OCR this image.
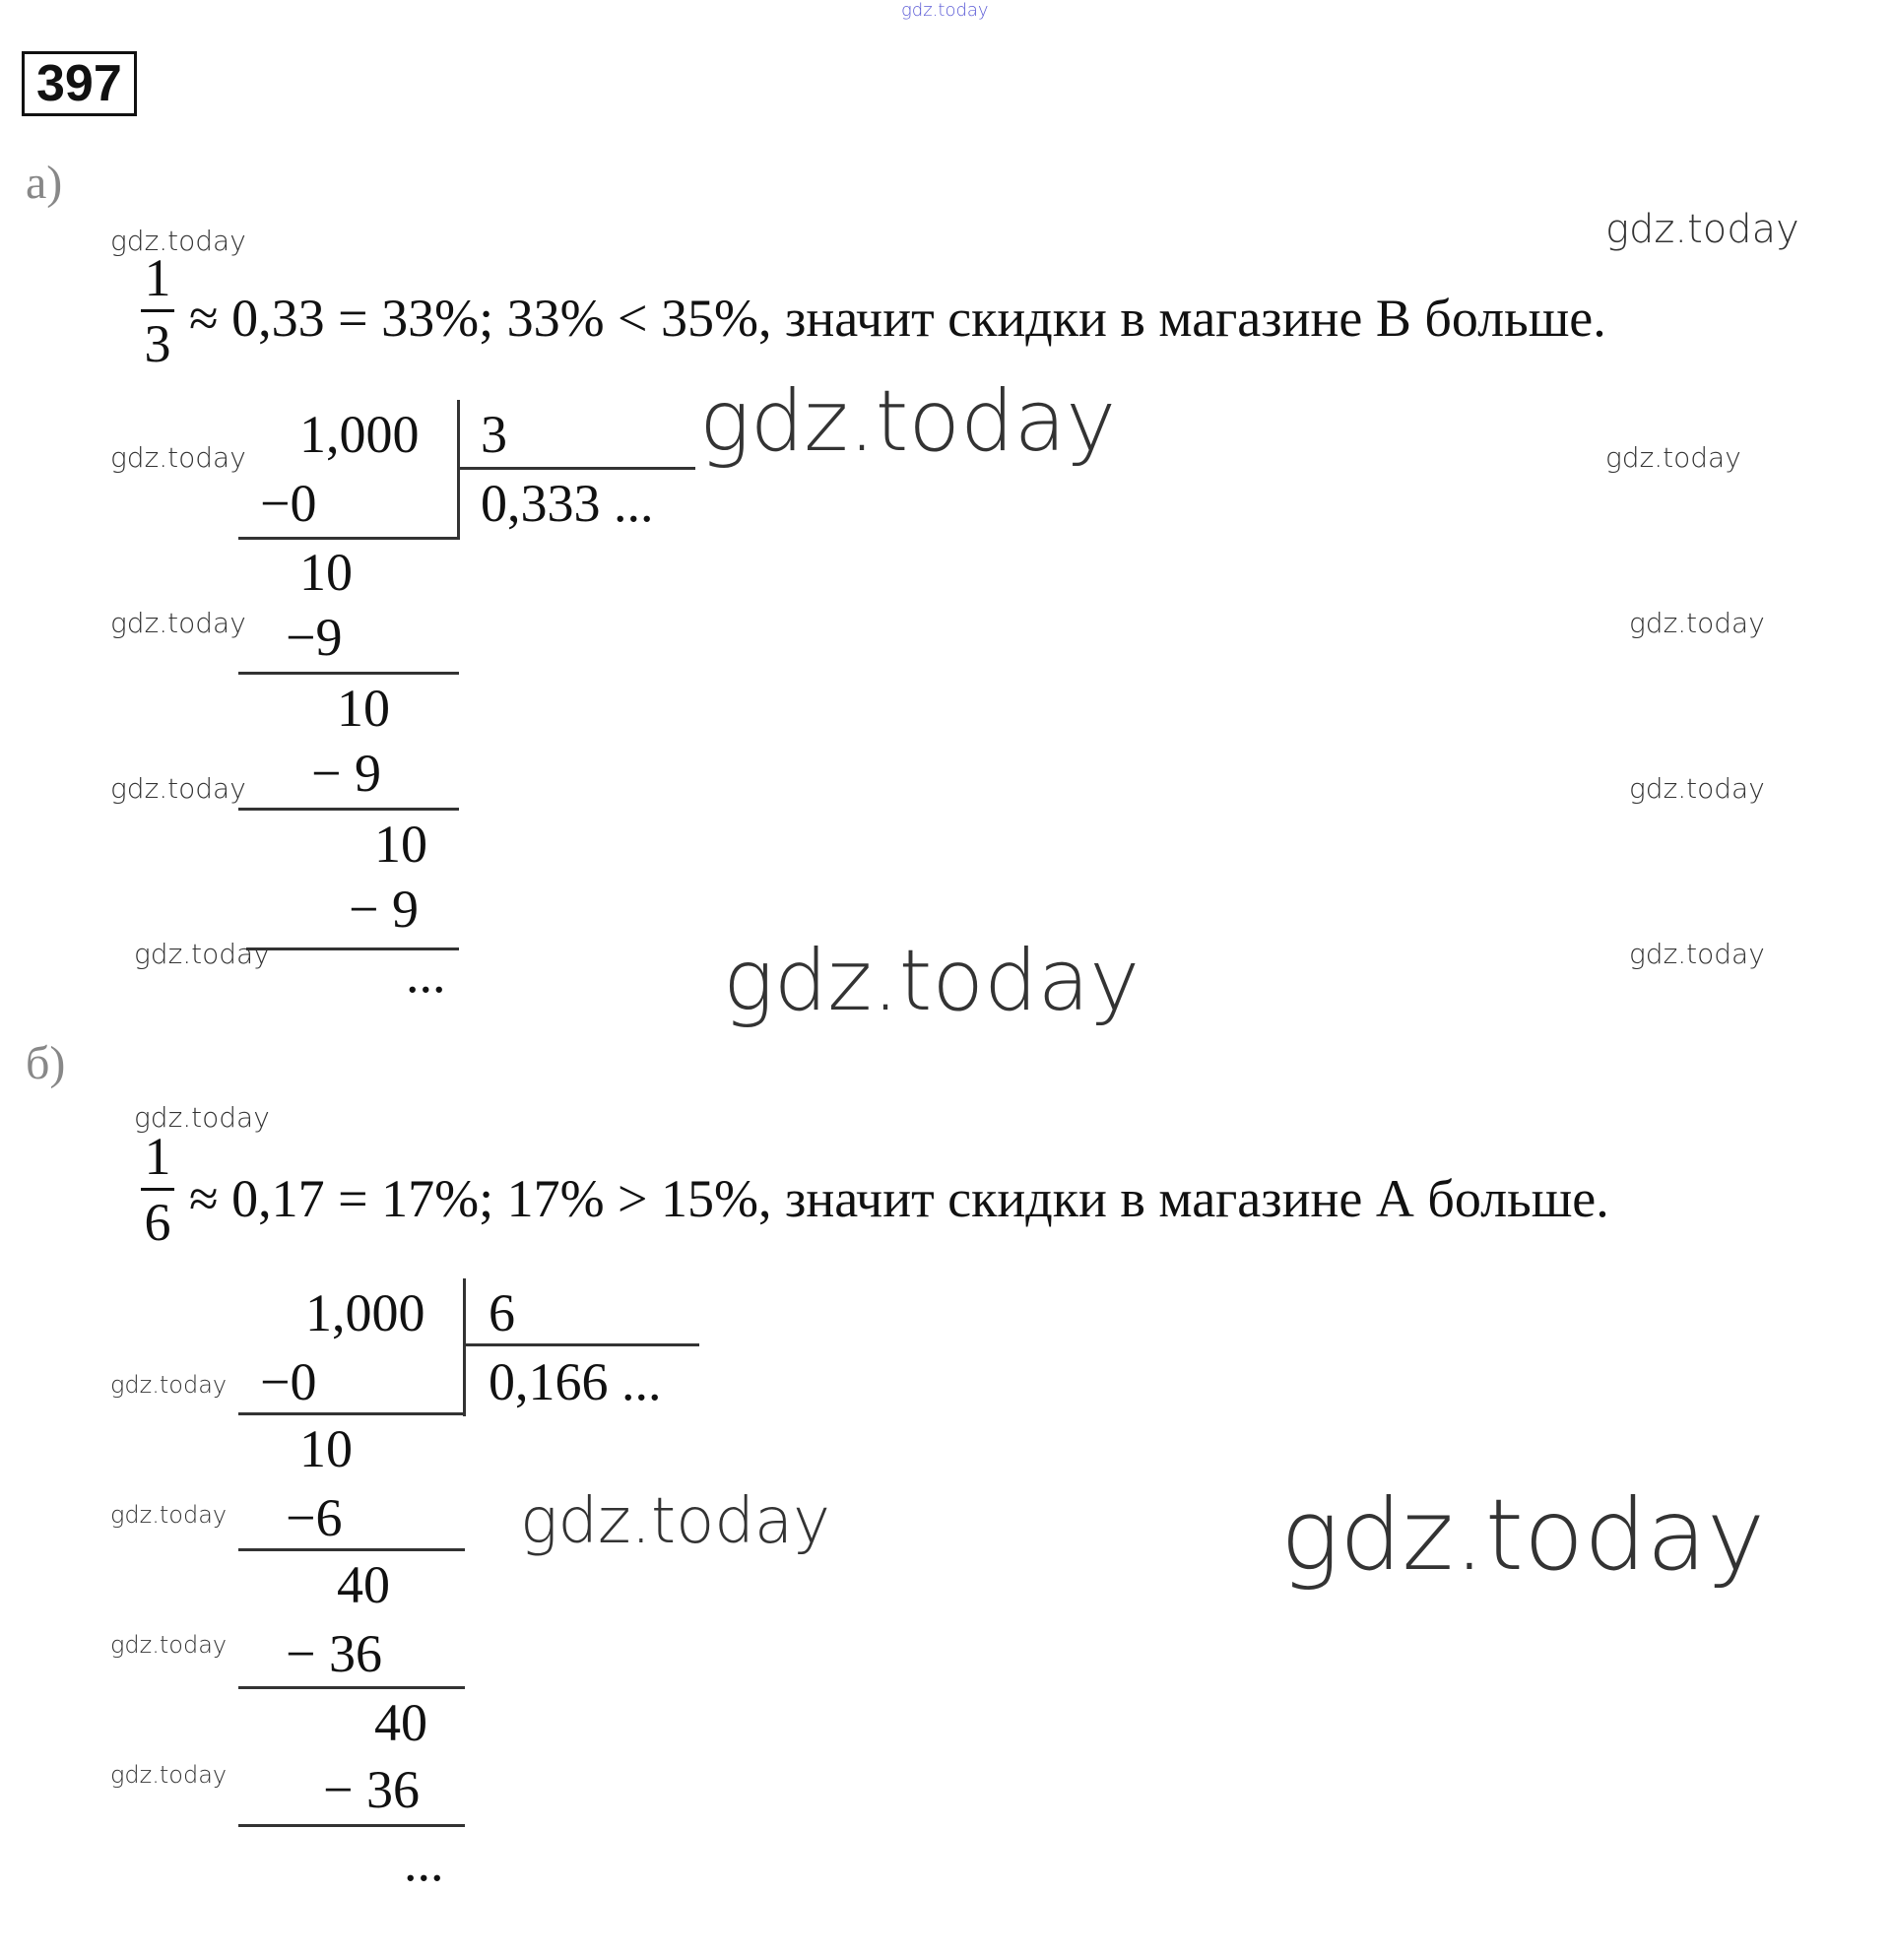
gdz.today
397
а)
1
3 ≈ 0,33 = 33%; 33% < 35%, значит скидки в магазине В больше.
1,000 3
0,333 ...
−0
10
−9
10
− 9
10
− 9
...
gdz.today	gdz.today
gdz.today
gdz.today	gdz.today
gdz.today	gdz.today
gdz.today	gdz.today
gdz.today	gdz.today
gdz.today
б)
gdz.today
1
6 ≈ 0,17 = 17%; 17% > 15%, значит скидки в магазине А больше.
1,000 6
0,166 ...
−0
10
−6
40
− 36
40
− 36
...
gdz.today
gdz.today
gdz.today
gdz.today
gdz.today	gdz.today
